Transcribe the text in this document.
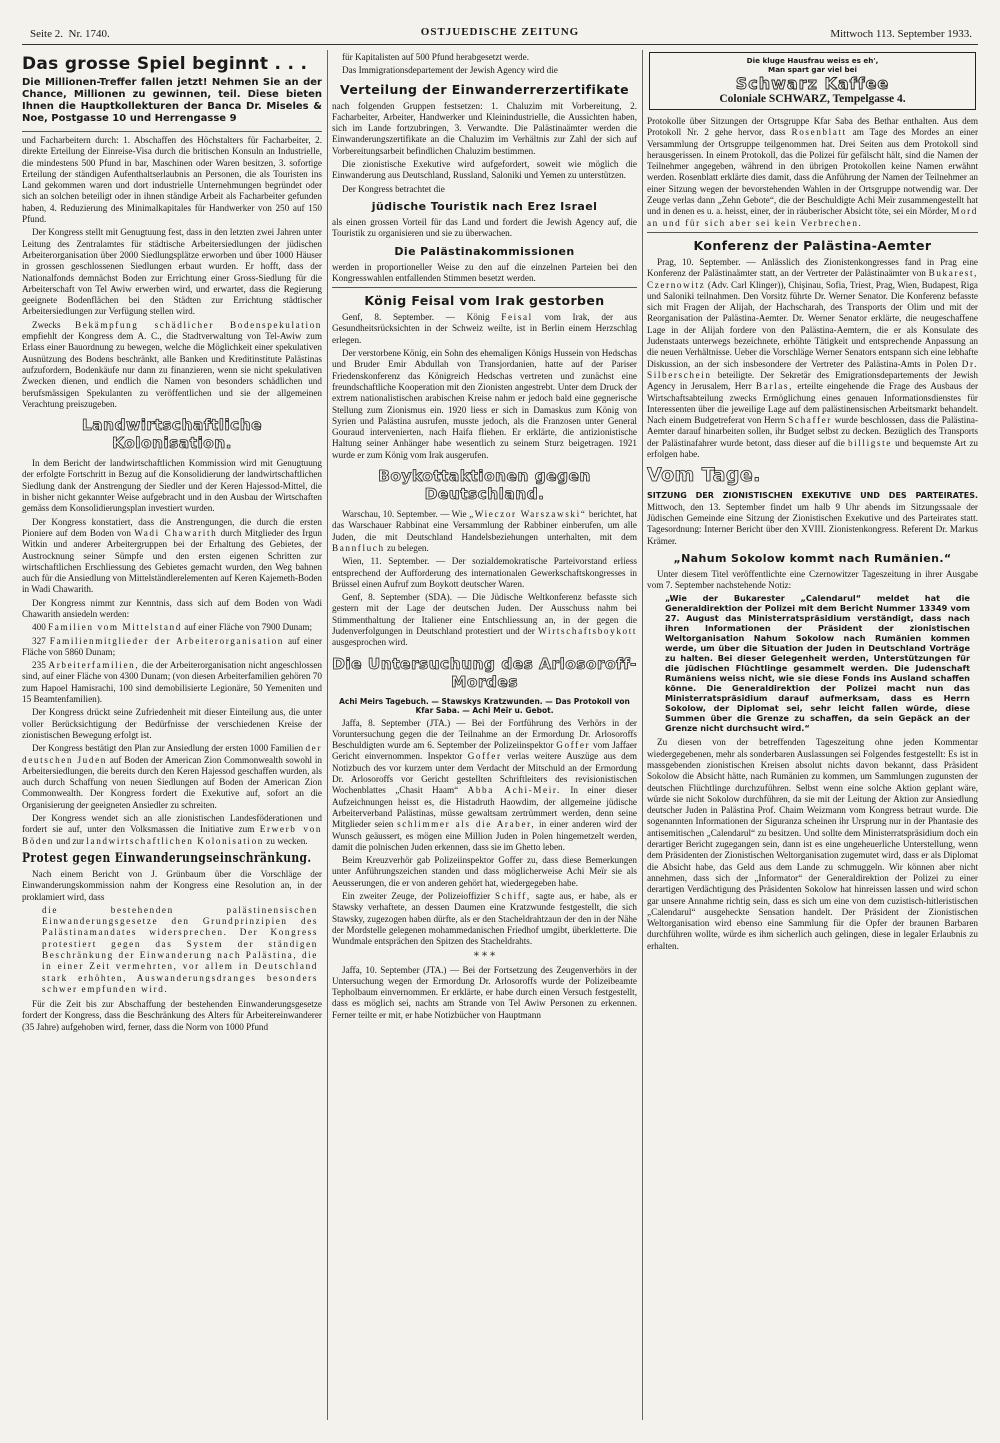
Seite 2. Nr. 1740.	OSTJUEDISCHE ZEITUNG	Mittwoch 113. September 1933.
Das grosse Spiel beginnt . . .
Die Millionen-Treffer fallen jetzt! Nehmen Sie an der Chance, Millionen zu gewinnen, teil. Diese bieten Ihnen die Hauptkollekturen der Banca Dr. Miseles & Noe, Postgasse 10 und Herrengasse 9

und Facharbeitern durch: 1. Abschaffen des Höchstalters für Facharbeiter, 2. direkte Erteilung der Einreise-Visa durch die britischen Konsuln an Industrielle, die mindestens 500 Pfund in bar, Maschinen oder Waren besitzen, 3. sofortige Erteilung der ständigen Aufenthaltserlaubnis an Personen, die als Touristen ins Land gekommen waren und dort industrielle Unternehmungen begründet oder sich an solchen beteiligt oder in ihnen ständige Arbeit als Facharbeiter gefunden haben, 4. Reduzierung des Minimalkapitales für Handwerker von 250 auf 150 Pfund.

Der Kongress stellt mit Genugtuung fest, dass in den letzten zwei Jahren unter Leitung des Zentralamtes für städtische Arbeitersiedlungen der jüdischen Arbeiterorganisation über 2000 Siedlungsplätze erworben und über 1000 Häuser in grossen geschlossenen Siedlungen erbaut wurden. Er hofft, dass der Nationalfonds demnächst Boden zur Errichtung einer Gross-Siedlung für die Arbeiterschaft von Tel Awiw erwerben wird, und erwartet, dass die Regierung geeignete Bodenflächen bei den Städten zur Errichtung städtischer Arbeitersiedlungen zur Verfügung stellen wird.

Zwecks Bekämpfung schädlicher Bodenspekulation empfiehlt der Kongress dem A. C., die Stadtverwaltung von Tel-Awiw zum Erlass einer Bauordnung zu bewegen, welche die Möglichkeit einer spekulativen Ausnützung des Bodens beschränkt, alle Banken und Kreditinstitute Palästinas aufzufordern, Bodenkäufe nur dann zu finanzieren, wenn sie nicht spekulativen Zwecken dienen, und endlich die Namen von besonders schädlichen und berufsmässigen Spekulanten zu veröffentlichen und sie der allgemeinen Verachtung preiszugeben.

Landwirtschaftliche Kolonisation.

In dem Bericht der landwirtschaftlichen Kommission wird mit Genugtuung der erfolgte Fortschritt in Bezug auf die Konsolidierung der landwirtschaftlichen Siedlung dank der Anstrengung der Siedler und der Keren Hajessod-Mittel, die in bisher nicht gekannter Weise aufgebracht und in den Ausbau der Wirtschaften gemäss dem Konsolidierungsplan investiert wurden.

Der Kongress konstatiert, dass die Anstrengungen, die durch die ersten Pioniere auf dem Boden von Wadi Chawarith durch Mitglieder des Irgun Witkin und anderer Arbeitergruppen bei der Erhaltung des Gebietes, der Austrocknung seiner Sümpfe und den ersten eigenen Schritten zur wirtschaftlichen Erschliessung des Gebietes gemacht wurden, den Weg bahnen auch für die Ansiedlung von Mittelständlerelementen auf Keren Kajemeth-Boden in Wadi Chawarith.

Der Kongress nimmt zur Kenntnis, dass sich auf dem Boden von Wadi Chawarith ansiedeln werden:

400 Familien vom Mittelstand auf einer Fläche von 7900 Dunam;

327 Familienmitglieder der Arbeiterorganisation auf einer Fläche von 5860 Dunam;

235 Arbeiterfamilien, die der Arbeiterorganisation nicht angeschlossen sind, auf einer Fläche von 4300 Dunam; (von diesen Arbeiterfamilien gehören 70 zum Hapoel Hamisrachi, 100 sind demobilisierte Legionäre, 50 Yemeniten und 15 Beamtenfamilien).

Der Kongress drückt seine Zufriedenheit mit dieser Einteilung aus, die unter voller Berücksichtigung der Bedürfnisse der verschiedenen Kreise der zionistischen Bewegung erfolgt ist.

Der Kongress bestätigt den Plan zur Ansiedlung der ersten 1000 Familien der deutschen Juden auf Boden der American Zion Commonwealth sowohl in Arbeitersiedlungen, die bereits durch den Keren Hajessod geschaffen wurden, als auch durch Schaffung von neuen Siedlungen auf Boden der American Zion Commonwealth. Der Kongress fordert die Exekutive auf, sofort an die Organisierung der geeigneten Ansiedler zu schreiten.

Der Kongress wendet sich an alle zionistischen Landesföderationen und fordert sie auf, unter den Volksmassen die Initiative zum Erwerb von Böden und zur landwirtschaftlichen Kolonisation zu wecken.

Protest gegen Einwanderungseinschränkung.

Nach einem Bericht von J. Grünbaum über die Vorschläge der Einwanderungskommission nahm der Kongress eine Resolution an, in der proklamiert wird, dass

die bestehenden palästinensischen Einwanderungsgesetze den Grundprinzipien des Palästinamandates widersprechen. Der Kongress protestiert gegen das System der ständigen Beschränkung der Einwanderung nach Palästina, die in einer Zeit vermehrten, vor allem in Deutschland stark erhöhten, Auswanderungsdranges besonders schwer empfunden wird.

Für die Zeit bis zur Abschaffung der bestehenden Einwanderungsgesetze fordert der Kongress, dass die Beschränkung des Alters für Arbeitereinwanderer (35 Jahre) aufgehoben wird, ferner, dass die Norm von 1000 Pfund

für Kapitalisten auf 500 Pfund herabgesetzt werde.

Das Immigrationsdepartement der Jewish Agency wird die

Verteilung der Einwanderrerzertifikate

nach folgenden Gruppen festsetzen: 1. Chaluzim mit Vorbereitung, 2. Facharbeiter, Arbeiter, Handwerker und Kleinindustrielle, die Aussichten haben, sich im Lande fortzubringen, 3. Verwandte. Die Palästinaämter werden die Einwanderungszertifikate an die Chaluzim im Verhältnis zur Zahl der sich auf Vorbereitungsarbeit befindlichen Chaluzim bestimmen.

Die zionistische Exekutive wird aufgefordert, soweit wie möglich die Einwanderung aus Deutschland, Russland, Saloniki und Yemen zu unterstützen.

Der Kongress betrachtet die

jüdische Touristik nach Erez Israel

als einen grossen Vorteil für das Land und fordert die Jewish Agency auf, die Touristik zu organisieren und sie zu überwachen.

Die Palästinakommissionen

werden in proportioneller Weise zu den auf die einzelnen Parteien bei den Kongresswahlen entfallenden Stimmen besetzt werden.

König Feisal vom Irak gestorben

Genf, 8. September. — König Feisal vom Irak, der aus Gesundheitsrücksichten in der Schweiz weilte, ist in Berlin einem Herzschlag erlegen.

Der verstorbene König, ein Sohn des ehemaligen Königs Hussein von Hedschas und Bruder Emir Abdullah von Transjordanien, hatte auf der Pariser Friedenskonferenz das Königreich Hedschas vertreten und zunächst eine freundschaftliche Kooperation mit den Zionisten angestrebt. Unter dem Druck der extrem nationalistischen arabischen Kreise nahm er jedoch bald eine gegnerische Stellung zum Zionismus ein. 1920 liess er sich in Damaskus zum König von Syrien und Palästina ausrufen, musste jedoch, als die Franzosen unter General Gouraud intervenierten, nach Haifa fliehen. Er erklärte, die antizionistische Haltung seiner Anhänger habe wesentlich zu seinem Sturz beigetragen. 1921 wurde er zum König vom Irak ausgerufen.

Boykottaktionen gegen Deutschland.

Warschau, 10. September. — Wie „Wieczor Warszawski“ berichtet, hat das Warschauer Rabbinat eine Versammlung der Rabbiner einberufen, um alle Juden, die mit Deutschland Handelsbeziehungen unterhalten, mit dem Bannfluch zu belegen.

Wien, 11. September. — Der sozialdemokratische Parteivorstand erliess entsprechend der Aufforderung des internationalen Gewerkschaftskongresses in Brüssel einen Aufruf zum Boykott deutscher Waren.

Genf, 8. September (SDA). — Die Jüdische Weltkonferenz befasste sich gestern mit der Lage der deutschen Juden. Der Ausschuss nahm bei Stimmenthaltung der Italiener eine Entschliessung an, in der gegen die Judenverfolgungen in Deutschland protestiert und der Wirtschaftsboykott ausgesprochen wird.

Die Untersuchung des Arlosoroff-Mordes
Achi Meirs Tagebuch. — Stawskys Kratzwunden. — Das Protokoll von Kfar Saba. — Achi Meïr u. Gebot.

Jaffa, 8. September (JTA.) — Bei der Fortführung des Verhörs in der Voruntersuchung gegen die der Teilnahme an der Ermordung Dr. Arlosoroffs Beschuldigten wurde am 6. September der Polizeiinspektor Goffer vom Jaffaer Gericht einvernommen. Inspektor Goffer verlas weitere Auszüge aus dem Notizbuch des vor kurzem unter dem Verdacht der Mitschuld an der Ermordung Dr. Arlosoroffs vor Gericht gestellten Schriftleiters des revisionistischen Wochenblattes „Chasit Haam“ Abba Achi-Meir. In einer dieser Aufzeichnungen heisst es, die Histadruth Haowdim, der allgemeine jüdische Arbeiterverband Palästinas, müsse gewaltsam zertrümmert werden, denn seine Mitglieder seien schlimmer als die Araber, in einer anderen wird der Wunsch geäussert, es mögen eine Million Juden in Polen hingemetzelt werden, damit die polnischen Juden erkennen, dass sie im Ghetto leben.

Beim Kreuzverhör gab Polizeiinspektor Goffer zu, dass diese Bemerkungen unter Anführungszeichen standen und dass möglicherweise Achi Meïr sie als Aeusserungen, die er von anderen gehört hat, wiedergegeben habe.

Ein zweiter Zeuge, der Polizeioffizier Schiff, sagte aus, er habe, als er Stawsky verhaftete, an dessen Daumen eine Kratzwunde festgestellt, die sich Stawsky, zugezogen haben dürfte, als er den Stacheldrahtzaun der den in der Nähe der Mordstelle gelegenen mohammedanischen Friedhof umgibt, überkletterte. Die Wundmale entsprächen den Spitzen des Stacheldrahts.

* * *

Jaffa, 10. September (JTA.) — Bei der Fortsetzung des Zeugenverhörs in der Untersuchung wegen der Ermordung Dr. Arlosoroffs wurde der Polizeibeamte Tepholbaum einvernommen. Er erklärte, er habe durch einen Versuch festgestellt, dass es möglich sei, nachts am Strande von Tel Awiw Personen zu erkennen. Ferner teilte er mit, er habe Notizbücher von Hauptmann

Die kluge Hausfrau weiss es eh',
Man spart gar viel bei
Schwarz Kaffee
Coloniale SCHWARZ, Tempelgasse 4.

Protokolle über Sitzungen der Ortsgruppe Kfar Saba des Bethar enthalten. Aus dem Protokoll Nr. 2 gehe hervor, dass Rosenblatt am Tage des Mordes an einer Versammlung der Ortsgruppe teilgenommen hat. Drei Seiten aus dem Protokoll sind herausgerissen. In einem Protokoll, das die Polizei für gefälscht hält, sind die Namen der Teilnehmer angegeben, während in den übrigen Protokollen keine Namen erwähnt werden. Rosenblatt erklärte dies damit, dass die Anführung der Namen der Teilnehmer an einer Sitzung wegen der bevorstehenden Wahlen in der Ortsgruppe notwendig war. Der Zeuge verlas dann „Zehn Gebote“, die der Beschuldigte Achi Meïr zusammengestellt hat und in denen es u. a. heisst, einer, der in räuberischer Absicht töte, sei ein Mörder, Mord an und für sich aber sei kein Verbrechen.

Konferenz der Palästina-Aemter

Prag, 10. September. — Anlässlich des Zionistenkongresses fand in Prag eine Konferenz der Palästinaämter statt, an der Vertreter der Palästinaämter von Bukarest, Czernowitz (Adv. Carl Klinger)), Chişinau, Sofia, Triest, Prag, Wien, Budapest, Riga und Saloniki teilnahmen. Den Vorsitz führte Dr. Werner Senator. Die Konferenz befasste sich mit Fragen der Alijah, der Hachscharah, des Transports der Olim und mit der Reorganisation der Palästina-Aemter. Dr. Werner Senator erklärte, die neugeschaffene Lage in der Alijah fordere von den Palästina-Aemtern, die er als Konsulate des Judenstaats unterwegs bezeichnete, erhöhte Tätigkeit und entsprechende Anpassung an die neuen Verhältnisse. Ueber die Vorschläge Werner Senators entspann sich eine lebhafte Diskussion, an der sich insbesondere der Vertreter des Palästina-Amts in Polen Dr. Silberschein beteiligte. Der Sekretär des Emigrationsdepartements der Jewish Agency in Jerusalem, Herr Barlas, erteilte eingehende die Frage des Ausbaus der Wirtschaftsabteilung zwecks Ermöglichung eines genauen Informationsdienstes für Interessenten über die jeweilige Lage auf dem palästinensischen Arbeitsmarkt behandelt. Nach einem Budgetreferat von Herrn Schaffer wurde beschlossen, dass die Palästina-Aemter darauf hinarbeiten sollen, ihr Budget selbst zu decken. Bezüglich des Transports der Palästinafahrer wurde betont, dass dieser auf die billigste und bequemste Art zu erfolgen habe.

Vom Tage.

SITZUNG DER ZIONISTISCHEN EXEKUTIVE UND DES PARTEIRATES. Mittwoch, den 13. September findet um halb 9 Uhr abends im Sitzungssaale der Jüdischen Gemeinde eine Sitzung der Zionistischen Exekutive und des Parteirates statt. Tagesordnung: Interner Bericht über den XVIII. Zionistenkongress. Referent Dr. Markus Krämer.

„Nahum Sokolow kommt nach Rumänien.“

Unter diesem Titel veröffentlichte eine Czernowitzer Tageszeitung in ihrer Ausgabe vom 7. September nachstehende Notiz:

„Wie der Bukarester „Calendarul“ meldet hat die Generaldirektion der Polizei mit dem Bericht Nummer 13349 vom 27. August das Ministerratspräsidium verständigt, dass nach ihren Informationen der Präsident der zionistischen Weltorganisation Nahum Sokolow nach Rumänien kommen werde, um über die Situation der Juden in Deutschland Vorträge zu halten. Bei dieser Gelegenheit werden, Unterstützungen für die jüdischen Flüchtlinge gesammelt werden. Die Judenschaft Rumäniens weiss nicht, wie sie diese Fonds ins Ausland schaffen könne. Die Generaldirektion der Polizei macht nun das Ministerratspräsidium darauf aufmerksam, dass es Herrn Sokolow, der Diplomat sei, sehr leicht fallen würde, diese Summen über die Grenze zu schaffen, da sein Gepäck an der Grenze nicht durchsucht wird.“

Zu diesen von der betreffenden Tageszeitung ohne jeden Kommentar wiedergegebenen, mehr als sonderbaren Auslassungen sei Folgendes festgestellt: Es ist in massgebenden zionistischen Kreisen absolut nichts davon bekannt, dass Präsident Sokolow die Absicht hätte, nach Rumänien zu kommen, um Sammlungen zugunsten der deutschen Flüchtlinge durchzuführen. Selbst wenn eine solche Aktion geplant wäre, würde sie nicht Sokolow durchführen, da sie mit der Leitung der Aktion zur Ansiedlung deutscher Juden in Palästina Prof. Chaim Weizmann vom Kongress betraut wurde. Die sogenannten Informationen der Siguranza scheinen ihr Ursprung nur in der Phantasie des antisemitischen „Calendarul“ zu besitzen. Und sollte dem Ministerratspräsidium doch ein derartiger Bericht zugegangen sein, dann ist es eine ungeheuerliche Unterstellung, wenn dem Präsidenten der Zionistischen Weltorganisation zugemutet wird, dass er als Diplomat die Absicht habe, das Geld aus dem Lande zu schmuggeln. Wir können aber nicht annehmen, dass sich der „Informator“ der Generaldirektion der Polizei zu einer derartigen Verdächtigung des Präsidenten Sokolow hat hinreissen lassen und wird schon gar unsere Annahme richtig sein, dass es sich um eine von dem cuzistisch-hitleristischen „Calendarul“ ausgeheckte Sensation handelt. Der Präsident der Zionistischen Weltorganisation wird ebenso eine Sammlung für die Opfer der braunen Barbaren durchführen wollte, würde es ihm sicherlich auch gelingen, diese in legaler Erlaubnis zu erhalten.
